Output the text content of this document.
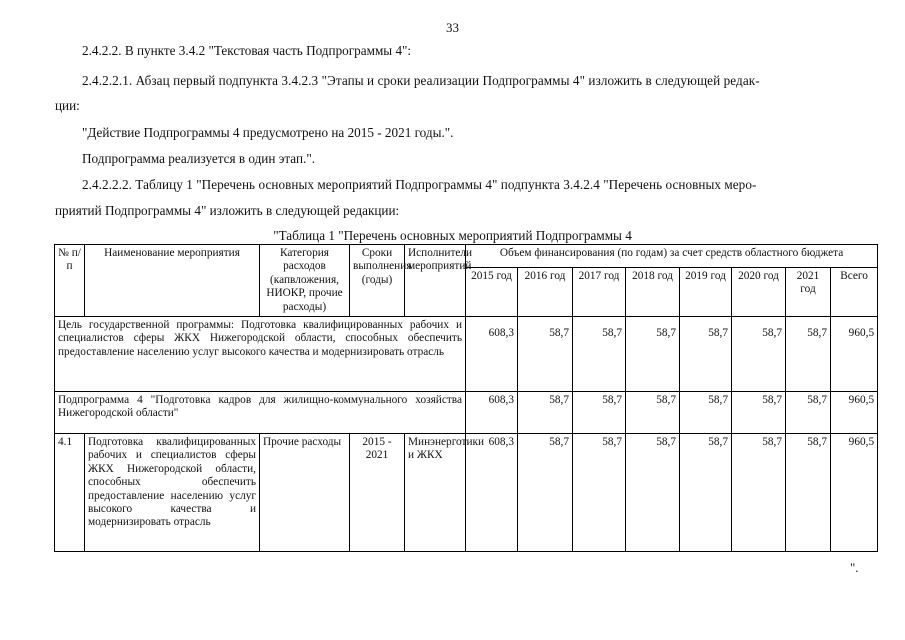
33
2.4.2.2. В пункте 3.4.2 "Текстовая часть Подпрограммы 4":
2.4.2.2.1. Абзац первый подпункта 3.4.2.3 "Этапы и сроки реализации Подпрограммы 4" изложить в следующей редак-
ции:
"Действие Подпрограммы 4 предусмотрено на 2015 - 2021 годы.".
Подпрограмма реализуется в один этап.".
2.4.2.2.2. Таблицу 1 "Перечень основных мероприятий Подпрограммы 4" подпункта 3.4.2.4 "Перечень основных меро-
приятий Подпрограммы 4" изложить в следующей редакции:
"Таблица 1 "Перечень основных мероприятий Подпрограммы 4
№ п/п	Наименование мероприятия	Категория расходов (капвложения, НИОКР, прочие расходы)	Сроки выполнения (годы)	Исполнители мероприятий	Объем финансирования (по годам) за счет средств областного бюджета							
					2015 год	2016 год	2017 год	2018 год	2019 год	2020 год	2021 год	Всего
Цель государственной программы: Подготовка квалифицированных рабочих и специалистов сферы ЖКХ Нижегородской области, способных обеспечить предоставление населению услуг высокого качества и модернизировать отрасль					608,3	58,7	58,7	58,7	58,7	58,7	58,7	960,5
Подпрограмма 4 "Подготовка кадров для жилищно-коммунального хозяйства Нижегородской области"					608,3	58,7	58,7	58,7	58,7	58,7	58,7	960,5
4.1	Подготовка квалифицированных рабочих и специалистов сферы ЖКХ Нижегородской области, способных обеспечить предоставление населению услуг высокого качества и модернизировать отрасль	Прочие расходы	2015 - 2021	Минэнерготики и ЖКХ	608,3	58,7	58,7	58,7	58,7	58,7	58,7	960,5
".
